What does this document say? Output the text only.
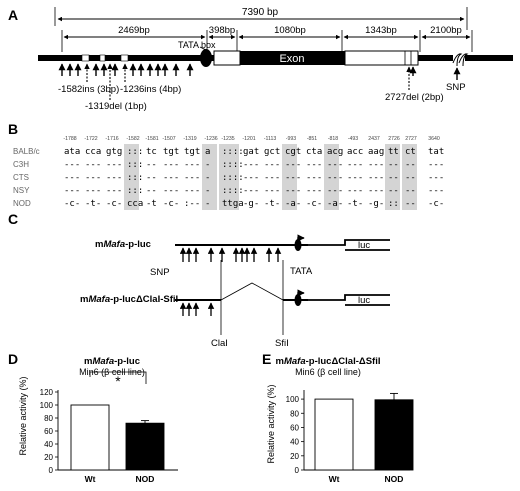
A	7390 bp
2469bp	398bp	1080bp	1343bp	2100bp
TATA box
Exon
-1582ins (3bp)
-1319del (1bp)
-1236ins (4bp)
2727del (2bp)
SNP
B
-1788 -1722 -1716 -1582 -1581 -1507 -1319 -1236 -1235 -1201 -1113 -993 -851 -818 -493 2437 2726 2727 3640
BALB/c	ata cca gtg ::: tc tgt tgt a :::: gat gct cgt cta acg acc aag tt ct tat
C3H	--- --- --- ::: -- --- --- - :::: --- --- --- --- --- --- --- -- -- ---
CTS	--- --- --- ::: -- --- --- - :::: --- --- --- --- --- --- --- -- -- ---
NSY	--- --- --- ::: -- --- --- - :::: --- --- --- --- --- --- --- -- -- ---
NOD	-c- -t- -c- cca -t -c- :-- - ttga -g- -t- -a- -c- -a- -t- -g- :: -- -c-
C
mMafa-p-luc	luc
SNP	TATA
mMafa-p-lucΔClaI-SfiI	luc
ClaI	SfiI
D	mMafa-p-luc
Min6 (β cell line)
Relative activity (%)
0
20
40
60
80
100
120
Wt	NOD
*
E mMafa-p-lucΔClaI-ΔSfiI
Min6 (β cell line)
Relative activity (%)
0
20
40
60
80
100
Wt	NOD
